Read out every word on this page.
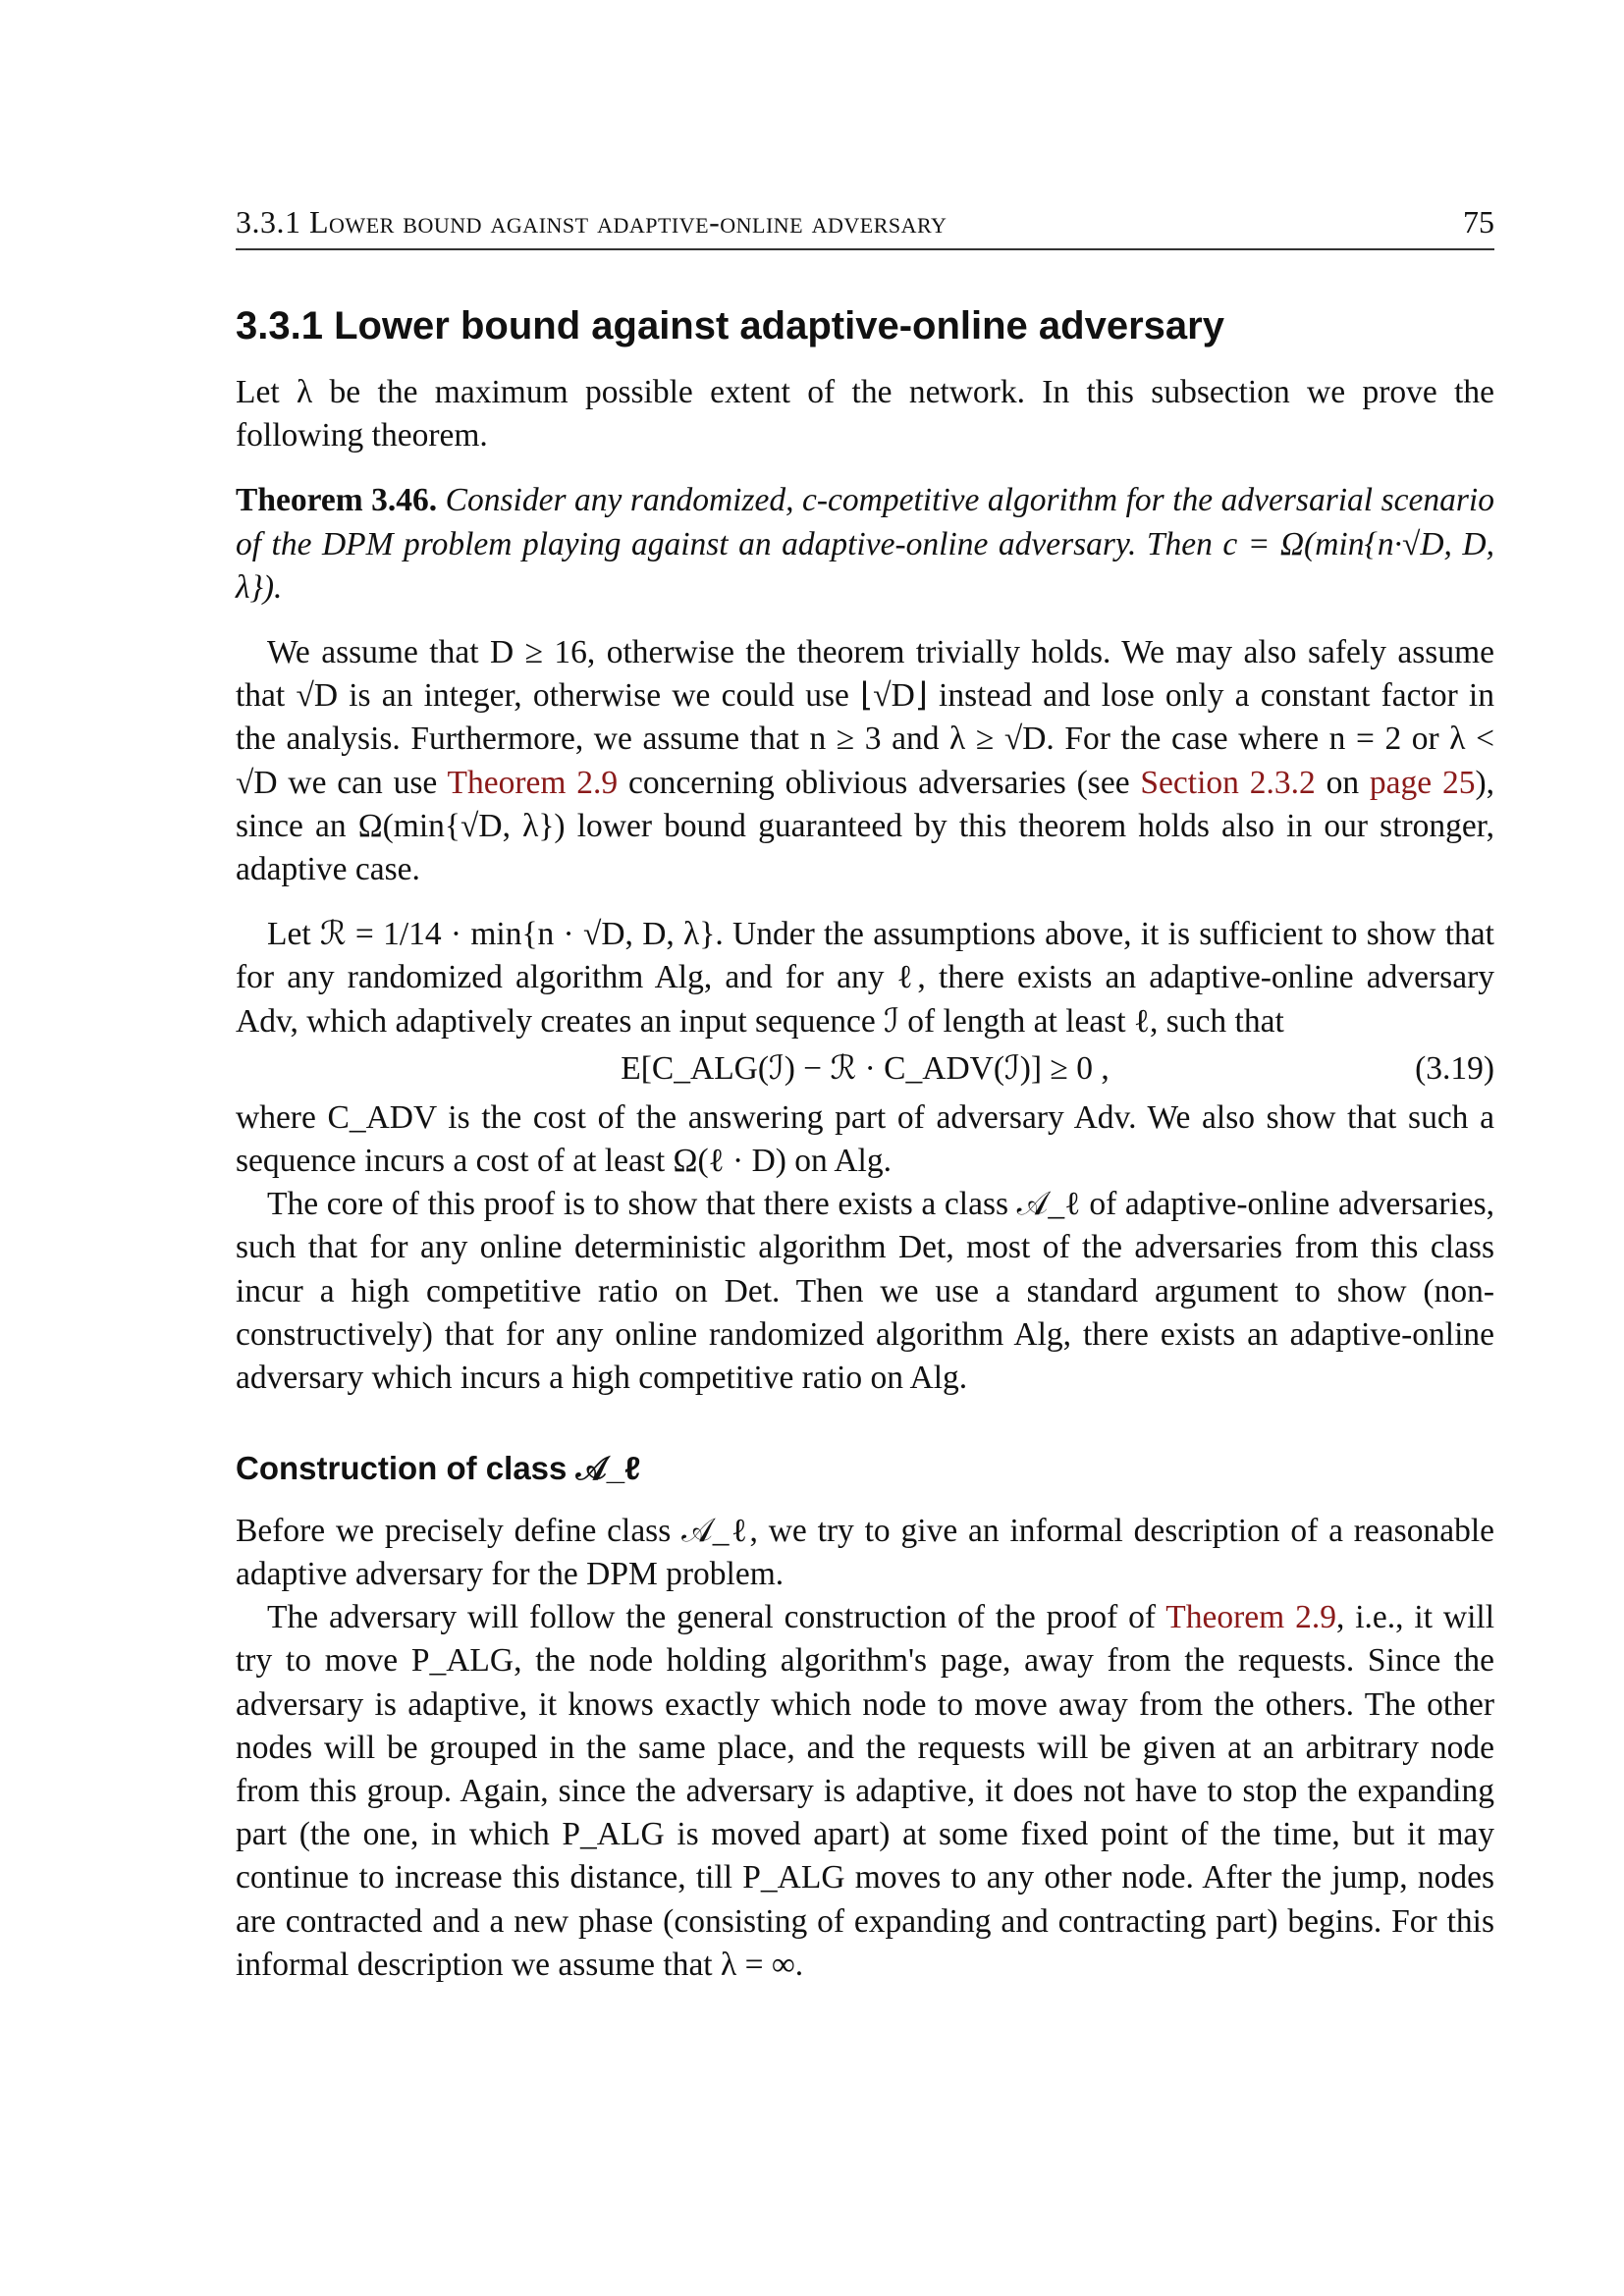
3.3.1 Lower bound against adaptive-online adversary	75
3.3.1 Lower bound against adaptive-online adversary

Let λ be the maximum possible extent of the network. In this subsection we prove the following theorem.

Theorem 3.46. Consider any randomized, c-competitive algorithm for the adversarial scenario of the DPM problem playing against an adaptive-online adversary. Then c = Ω(min{n·√D, D, λ}).

We assume that D ≥ 16, otherwise the theorem trivially holds. We may also safely assume that √D is an integer, otherwise we could use ⌊√D⌋ instead and lose only a constant factor in the analysis. Furthermore, we assume that n ≥ 3 and λ ≥ √D. For the case where n = 2 or λ < √D we can use Theorem 2.9 concerning oblivious adversaries (see Section 2.3.2 on page 25), since an Ω(min{√D, λ}) lower bound guaranteed by this theorem holds also in our stronger, adaptive case.

Let ℛ = 1/14 · min{n · √D, D, λ}. Under the assumptions above, it is sufficient to show that for any randomized algorithm Alg, and for any ℓ, there exists an adaptive-online adversary Adv, which adaptively creates an input sequence ℐ of length at least ℓ, such that

E[C_ALG(ℐ) − ℛ · C_ADV(ℐ)] ≥ 0 ,	(3.19)

where C_ADV is the cost of the answering part of adversary Adv. We also show that such a sequence incurs a cost of at least Ω(ℓ · D) on Alg.

The core of this proof is to show that there exists a class 𝒜_ℓ of adaptive-online adversaries, such that for any online deterministic algorithm Det, most of the adversaries from this class incur a high competitive ratio on Det. Then we use a standard argument to show (non-constructively) that for any online randomized algorithm Alg, there exists an adaptive-online adversary which incurs a high competitive ratio on Alg.

Construction of class 𝒜_ℓ

Before we precisely define class 𝒜_ℓ, we try to give an informal description of a reasonable adaptive adversary for the DPM problem.

The adversary will follow the general construction of the proof of Theorem 2.9, i.e., it will try to move P_ALG, the node holding algorithm's page, away from the requests. Since the adversary is adaptive, it knows exactly which node to move away from the others. The other nodes will be grouped in the same place, and the requests will be given at an arbitrary node from this group. Again, since the adversary is adaptive, it does not have to stop the expanding part (the one, in which P_ALG is moved apart) at some fixed point of the time, but it may continue to increase this distance, till P_ALG moves to any other node. After the jump, nodes are contracted and a new phase (consisting of expanding and contracting part) begins. For this informal description we assume that λ = ∞.
